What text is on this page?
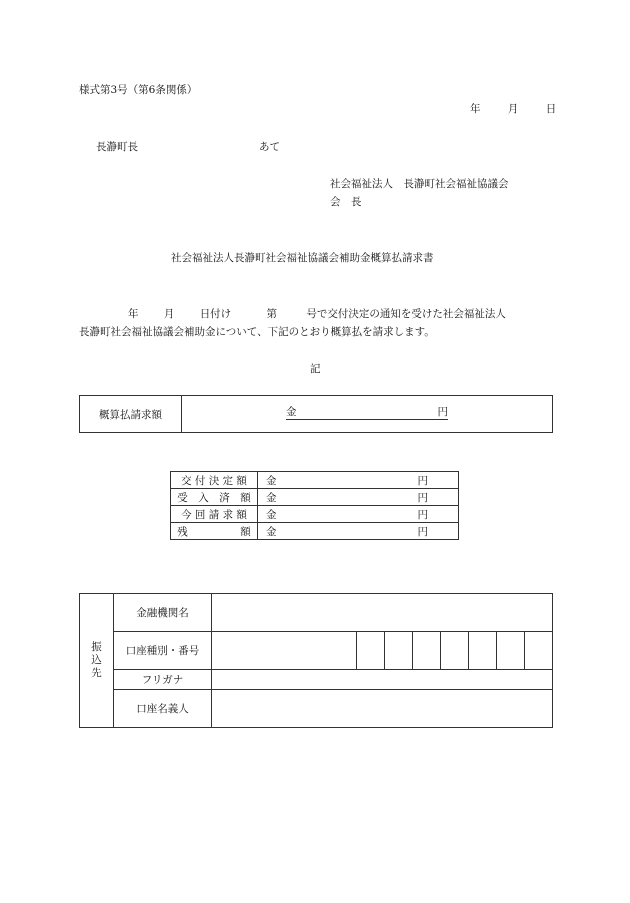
様式第3号（第6条関係）
年	月	日
長瀞町長	あて
社会福祉法人　長瀞町社会福祉協議会
会　長
社会福祉法人長瀞町社会福祉協議会補助金概算払請求書
年 月 日付け	第	号で交付決定の通知を受けた社会福祉法人
長瀞町社会福祉協議会補助金について、下記のとおり概算払を請求します。
記
概算払請求額	金	円
交 付 決 定 額	金 円

受　入　済　額	金 円

今 回 請 求 額	金 円

残　　　　　額	金 円
振込先	金融機関名								
	口座種別・番号								
	フリガナ								
	口座名義人								
